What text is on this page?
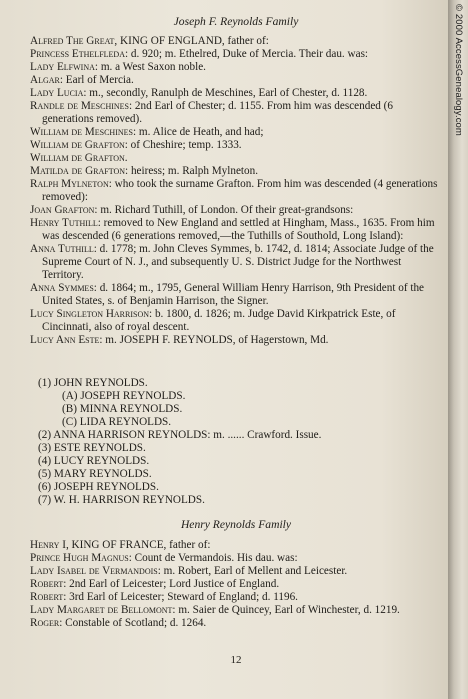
© 2000 AccessGenealogy.com
Joseph F. Reynolds Family
Alfred The Great, KING OF ENGLAND, father of:
Princess Ethelfleda: d. 920; m. Ethelred, Duke of Mercia. Their dau. was:
Lady Elfwina: m. a West Saxon noble.
Algar: Earl of Mercia.
Lady Lucia: m., secondly, Ranulph de Meschines, Earl of Chester, d. 1128.
Randle de Meschines: 2nd Earl of Chester; d. 1155. From him was descended (6 generations removed).
William de Meschines: m. Alice de Heath, and had;
William de Grafton: of Cheshire; temp. 1333.
William de Grafton.
Matilda de Grafton: heiress; m. Ralph Mylneton.
Ralph Mylneton: who took the surname Grafton. From him was descended (4 generations removed):
Joan Grafton: m. Richard Tuthill, of London. Of their great-grandsons:
Henry Tuthill: removed to New England and settled at Hingham, Mass., 1635. From him was descended (6 generations removed,—the Tuthills of Southold, Long Island):
Anna Tuthill: d. 1778; m. John Cleves Symmes, b. 1742, d. 1814; Associate Judge of the Supreme Court of N. J., and subsequently U. S. District Judge for the Northwest Territory.
Anna Symmes: d. 1864; m., 1795, General William Henry Harrison, 9th President of the United States, s. of Benjamin Harrison, the Signer.
Lucy Singleton Harrison: b. 1800, d. 1826; m. Judge David Kirkpatrick Este, of Cincinnati, also of royal descent.
Lucy Ann Este: m. JOSEPH F. REYNOLDS, of Hagerstown, Md.
(1) JOHN REYNOLDS.
(A) JOSEPH REYNOLDS.
(B) MINNA REYNOLDS.
(C) LIDA REYNOLDS.
(2) ANNA HARRISON REYNOLDS: m. ...... Crawford. Issue.
(3) ESTE REYNOLDS.
(4) LUCY REYNOLDS.
(5) MARY REYNOLDS.
(6) JOSEPH REYNOLDS.
(7) W. H. HARRISON REYNOLDS.
Henry Reynolds Family
Henry I, KING OF FRANCE, father of:
Prince Hugh Magnus: Count de Vermandois. His dau. was:
Lady Isabel de Vermandois: m. Robert, Earl of Mellent and Leicester.
Robert: 2nd Earl of Leicester; Lord Justice of England.
Robert: 3rd Earl of Leicester; Steward of England; d. 1196.
Lady Margaret de Bellomont: m. Saier de Quincey, Earl of Winchester, d. 1219.
Roger: Constable of Scotland; d. 1264.
12
